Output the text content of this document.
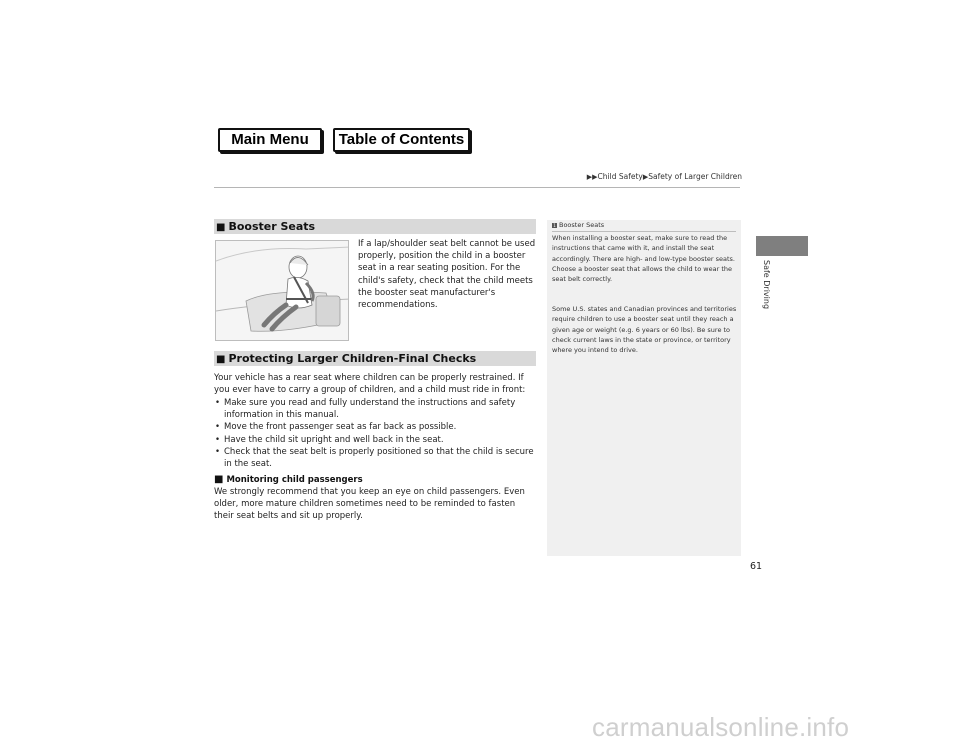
Main Menu	Table of Contents
▶▶Child Safety▶Safety of Larger Children
Safe Driving
■ Booster Seats
If a lap/shoulder seat belt cannot be used properly, position the child in a booster seat in a rear seating position. For the child's safety, check that the child meets the booster seat manufacturer's recommendations.
■ Protecting Larger Children-Final Checks
Your vehicle has a rear seat where children can be properly restrained. If you ever have to carry a group of children, and a child must ride in front:
• Make sure you read and fully understand the instructions and safety information in this manual.
• Move the front passenger seat as far back as possible.
• Have the child sit upright and well back in the seat.
• Check that the seat belt is properly positioned so that the child is secure in the seat.
■ Monitoring child passengers
We strongly recommend that you keep an eye on child passengers. Even older, more mature children sometimes need to be reminded to fasten their seat belts and sit up properly.
1 Booster Seats
When installing a booster seat, make sure to read the instructions that came with it, and install the seat accordingly. There are high- and low-type booster seats. Choose a booster seat that allows the child to wear the seat belt correctly.
Some U.S. states and Canadian provinces and territories require children to use a booster seat until they reach a given age or weight (e.g. 6 years or 60 lbs). Be sure to check current laws in the state or province, or territory where you intend to drive.
61
carmanualsonline.info
